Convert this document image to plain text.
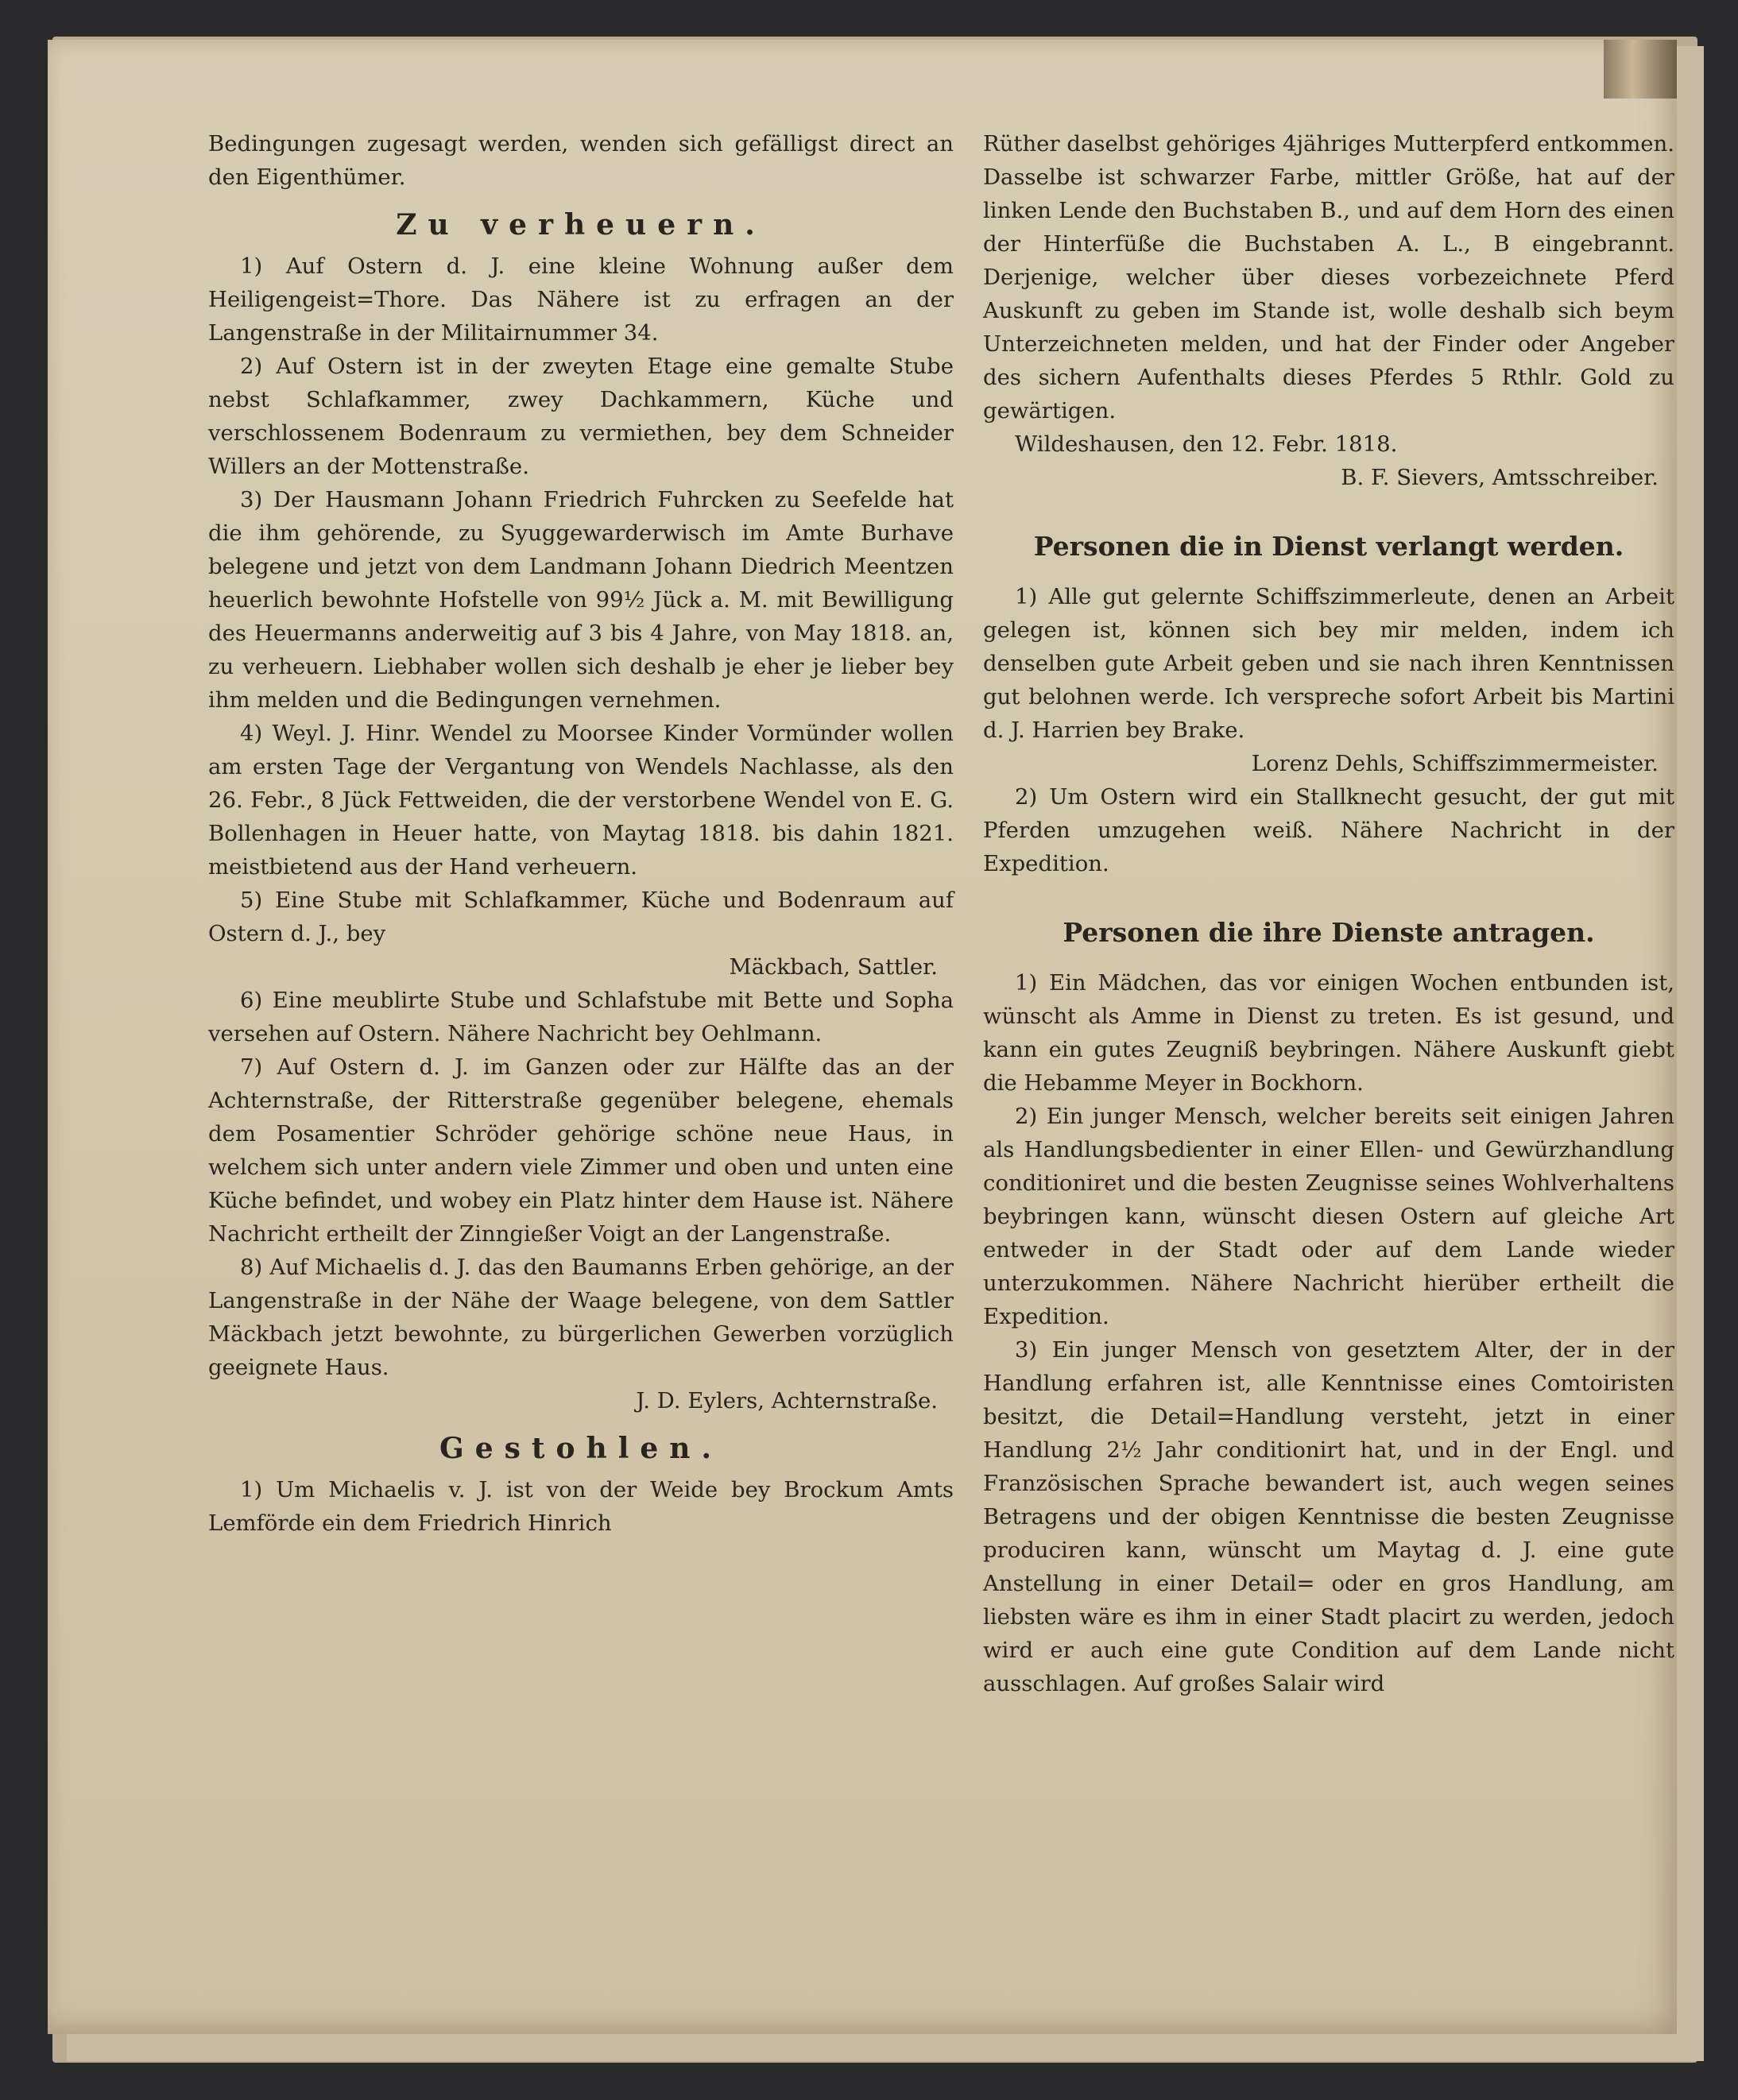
Bedingungen zugesagt werden, wenden sich gefälligst direct an den Eigenthümer.

Zu verheuern.

1) Auf Ostern d. J. eine kleine Wohnung außer dem Heiligengeist=Thore. Das Nähere ist zu erfragen an der Langenstraße in der Militairnummer 34.

2) Auf Ostern ist in der zweyten Etage eine gemalte Stube nebst Schlafkammer, zwey Dachkammern, Küche und verschlossenem Bodenraum zu vermiethen, bey dem Schneider Willers an der Mottenstraße.

3) Der Hausmann Johann Friedrich Fuhrcken zu Seefelde hat die ihm gehörende, zu Syuggewarderwisch im Amte Burhave belegene und jetzt von dem Landmann Johann Diedrich Meentzen heuerlich bewohnte Hofstelle von 99½ Jück a. M. mit Bewilligung des Heuermanns anderweitig auf 3 bis 4 Jahre, von May 1818. an, zu verheuern. Liebhaber wollen sich deshalb je eher je lieber bey ihm melden und die Bedingungen vernehmen.

4) Weyl. J. Hinr. Wendel zu Moorsee Kinder Vormünder wollen am ersten Tage der Vergantung von Wendels Nachlasse, als den 26. Febr., 8 Jück Fettweiden, die der verstorbene Wendel von E. G. Bollenhagen in Heuer hatte, von Maytag 1818. bis dahin 1821. meistbietend aus der Hand verheuern.

5) Eine Stube mit Schlafkammer, Küche und Bodenraum auf Ostern d. J., bey

Mäckbach, Sattler.

6) Eine meublirte Stube und Schlafstube mit Bette und Sopha versehen auf Ostern. Nähere Nachricht bey Oehlmann.

7) Auf Ostern d. J. im Ganzen oder zur Hälfte das an der Achternstraße, der Ritterstraße gegenüber belegene, ehemals dem Posamentier Schröder gehörige schöne neue Haus, in welchem sich unter andern viele Zimmer und oben und unten eine Küche befindet, und wobey ein Platz hinter dem Hause ist. Nähere Nachricht ertheilt der Zinngießer Voigt an der Langenstraße.

8) Auf Michaelis d. J. das den Baumanns Erben gehörige, an der Langenstraße in der Nähe der Waage belegene, von dem Sattler Mäckbach jetzt bewohnte, zu bürgerlichen Gewerben vorzüglich geeignete Haus.

J. D. Eylers, Achternstraße.

Gestohlen.

1) Um Michaelis v. J. ist von der Weide bey Brockum Amts Lemförde ein dem Friedrich Hinrich

Rüther daselbst gehöriges 4jähriges Mutterpferd entkommen. Dasselbe ist schwarzer Farbe, mittler Größe, hat auf der linken Lende den Buchstaben B., und auf dem Horn des einen der Hinterfüße die Buchstaben A. L., B eingebrannt. Derjenige, welcher über dieses vorbezeichnete Pferd Auskunft zu geben im Stande ist, wolle deshalb sich beym Unterzeichneten melden, und hat der Finder oder Angeber des sichern Aufenthalts dieses Pferdes 5 Rthlr. Gold zu gewärtigen.

Wildeshausen, den 12. Febr. 1818.

B. F. Sievers, Amtsschreiber.

Personen die in Dienst verlangt werden.

1) Alle gut gelernte Schiffszimmerleute, denen an Arbeit gelegen ist, können sich bey mir melden, indem ich denselben gute Arbeit geben und sie nach ihren Kenntnissen gut belohnen werde. Ich verspreche sofort Arbeit bis Martini d. J. Harrien bey Brake.

Lorenz Dehls, Schiffszimmermeister.

2) Um Ostern wird ein Stallknecht gesucht, der gut mit Pferden umzugehen weiß. Nähere Nachricht in der Expedition.

Personen die ihre Dienste antragen.

1) Ein Mädchen, das vor einigen Wochen entbunden ist, wünscht als Amme in Dienst zu treten. Es ist gesund, und kann ein gutes Zeugniß beybringen. Nähere Auskunft giebt die Hebamme Meyer in Bockhorn.

2) Ein junger Mensch, welcher bereits seit einigen Jahren als Handlungsbedienter in einer Ellen- und Gewürzhandlung conditioniret und die besten Zeugnisse seines Wohlverhaltens beybringen kann, wünscht diesen Ostern auf gleiche Art entweder in der Stadt oder auf dem Lande wieder unterzukommen. Nähere Nachricht hierüber ertheilt die Expedition.

3) Ein junger Mensch von gesetztem Alter, der in der Handlung erfahren ist, alle Kenntnisse eines Comtoiristen besitzt, die Detail=Handlung versteht, jetzt in einer Handlung 2½ Jahr conditionirt hat, und in der Engl. und Französischen Sprache bewandert ist, auch wegen seines Betragens und der obigen Kenntnisse die besten Zeugnisse produciren kann, wünscht um Maytag d. J. eine gute Anstellung in einer Detail= oder en gros Handlung, am liebsten wäre es ihm in einer Stadt placirt zu werden, jedoch wird er auch eine gute Condition auf dem Lande nicht ausschlagen. Auf großes Salair wird
